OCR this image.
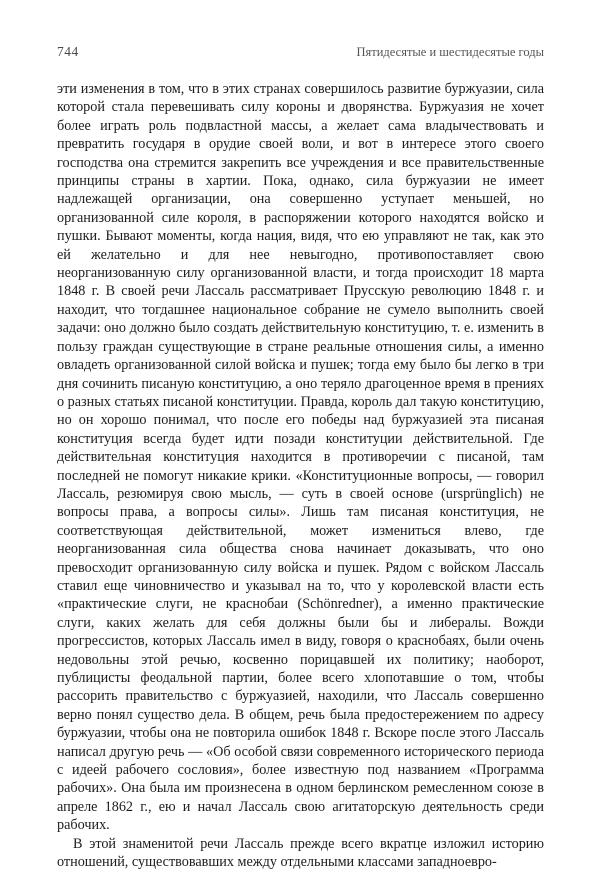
744	Пятидесятые и шестидесятые годы

эти изменения в том, что в этих странах совершилось развитие буржуазии, сила которой стала перевешивать силу короны и дворянства. Буржуазия не хочет более играть роль подвластной массы, а желает сама владычествовать и превратить государя в орудие своей воли, и вот в интересе этого своего господства она стремится закрепить все учреждения и все правительственные принципы страны в хартии. Пока, однако, сила буржуазии не имеет надлежащей организации, она совершенно уступает меньшей, но организованной силе короля, в распоряжении которого находятся войско и пушки. Бывают моменты, когда нация, видя, что ею управляют не так, как это ей желательно и для нее невыгодно, противопоставляет свою неорганизованную силу организованной власти, и тогда происходит 18 марта 1848 г. В своей речи Лассаль рассматривает Прусскую революцию 1848 г. и находит, что тогдашнее национальное собрание не сумело выполнить своей задачи: оно должно было создать действительную конституцию, т. е. изменить в пользу граждан существующие в стране реальные отношения силы, а именно овладеть организованной силой войска и пушек; тогда ему было бы легко в три дня сочинить писаную конституцию, а оно теряло драгоценное время в прениях о разных статьях писаной конституции. Правда, король дал такую конституцию, но он хорошо понимал, что после его победы над буржуазией эта писаная конституция всегда будет идти позади конституции действительной. Где действительная конституция находится в противоречии с писаной, там последней не помогут никакие крики. «Конституционные вопросы, — говорил Лассаль, резюмируя свою мысль, — суть в своей основе (ursprünglich) не вопросы права, а вопросы силы». Лишь там писаная конституция, не соответствующая действительной, может измениться влево, где неорганизованная сила общества снова начинает доказывать, что оно превосходит организованную силу войска и пушек. Рядом с войском Лассаль ставил еще чиновничество и указывал на то, что у королевской власти есть «практические слуги, не краснобаи (Schönredner), а именно практические слуги, каких желать для себя должны были бы и либералы. Вожди прогрессистов, которых Лассаль имел в виду, говоря о краснобаях, были очень недовольны этой речью, косвенно порицавшей их политику; наоборот, публицисты феодальной партии, более всего хлопотавшие о том, чтобы рассорить правительство с буржуазией, находили, что Лассаль совершенно верно понял существо дела. В общем, речь была предостережением по адресу буржуазии, чтобы она не повторила ошибок 1848 г. Вскоре после этого Лассаль написал другую речь — «Об особой связи современного исторического периода с идеей рабочего сословия», более известную под названием «Программа рабочих». Она была им произнесена в одном берлинском ремесленном союзе в апреле 1862 г., ею и начал Лассаль свою агитаторскую деятельность среди рабочих.

В этой знаменитой речи Лассаль прежде всего вкратце изложил историю отношений, существовавших между отдельными классами западноевро-
